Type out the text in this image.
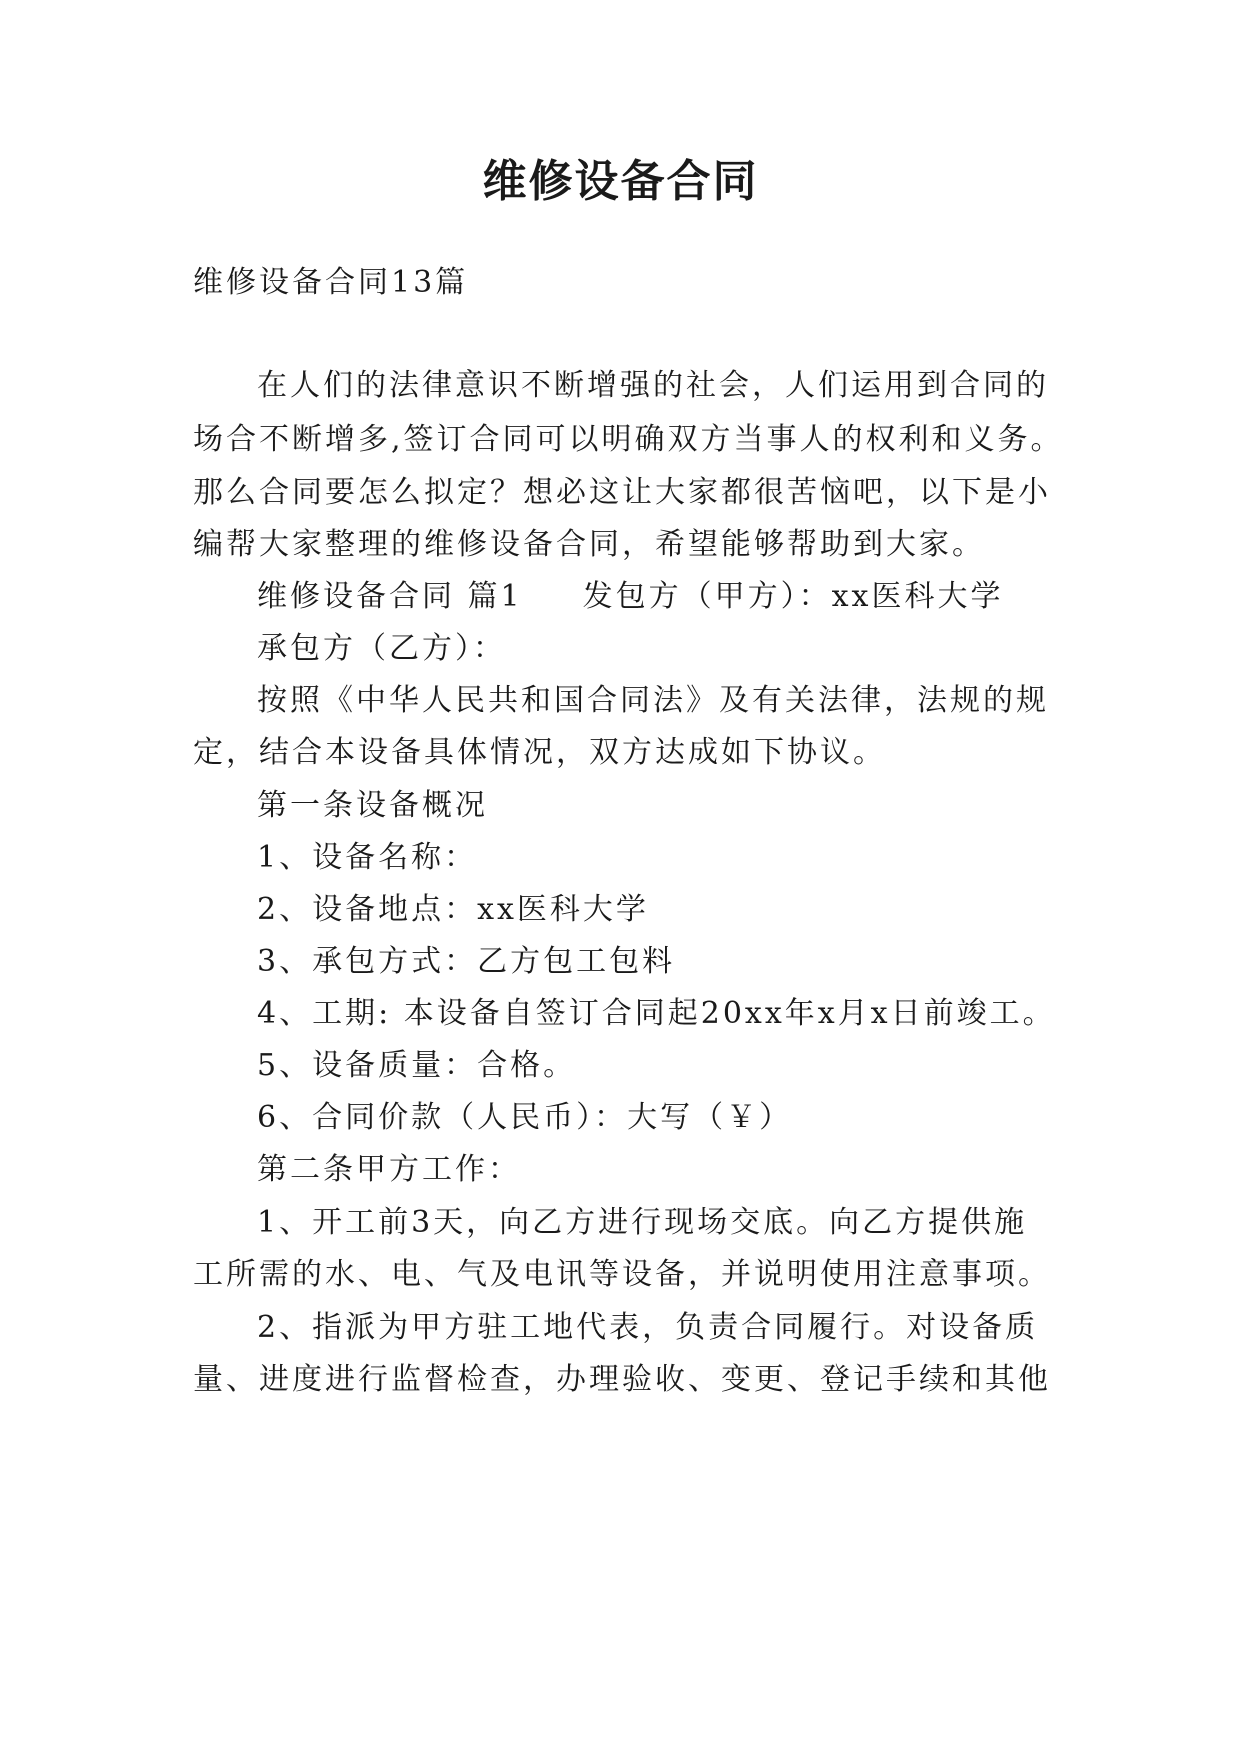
维修设备合同
维修设备合同13篇
在人们的法律意识不断增强的社会，人们运用到合同的
场合不断增多,签订合同可以明确双方当事人的权利和义务。
那么合同要怎么拟定？想必这让大家都很苦恼吧，以下是小
编帮大家整理的维修设备合同，希望能够帮助到大家。
维修设备合同 篇1 发包方（甲方）：xx医科大学
承包方（乙方）：
按照《中华人民共和国合同法》及有关法律，法规的规
定，结合本设备具体情况，双方达成如下协议。
第一条设备概况
1、设备名称：
2、设备地点：xx医科大学
3、承包方式：乙方包工包料
4、工期: 本设备自签订合同起20xx年x月x日前竣工。
5、设备质量：合格。
6、合同价款（人民币）：大写（￥）
第二条甲方工作：
1、开工前3天，向乙方进行现场交底。向乙方提供施
工所需的水、电、气及电讯等设备，并说明使用注意事项。
2、指派为甲方驻工地代表，负责合同履行。对设备质
量、进度进行监督检查，办理验收、变更、登记手续和其他
